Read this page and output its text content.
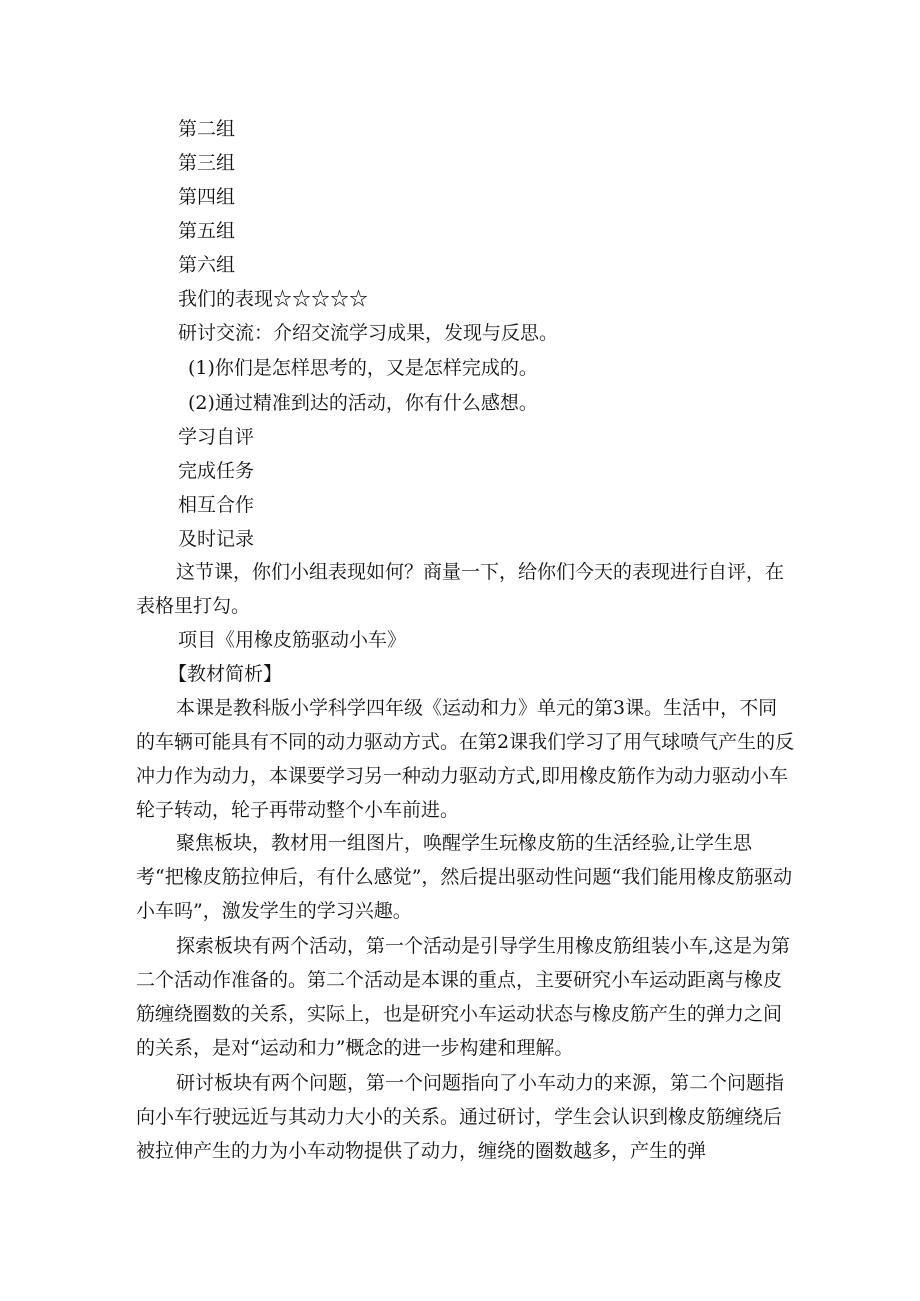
第二组
第三组
第四组
第五组
第六组
我们的表现☆☆☆☆☆
研讨交流：介绍交流学习成果，发现与反思。
(1)你们是怎样思考的，又是怎样完成的。
(2)通过精准到达的活动，你有什么感想。
学习自评
完成任务
相互合作
及时记录
这节课，你们小组表现如何？商量一下，给你们今天的表现进行自评，在表格里打勾。
项目《用橡皮筋驱动小车》
【教材简析】
本课是教科版小学科学四年级《运动和力》单元的第3课。生活中，不同的车辆可能具有不同的动力驱动方式。在第2课我们学习了用气球喷气产生的反冲力作为动力，本课要学习另一种动力驱动方式,即用橡皮筋作为动力驱动小车轮子转动，轮子再带动整个小车前进。
聚焦板块，教材用一组图片，唤醒学生玩橡皮筋的生活经验,让学生思考“把橡皮筋拉伸后，有什么感觉”，然后提出驱动性问题“我们能用橡皮筋驱动小车吗”，激发学生的学习兴趣。
探索板块有两个活动，第一个活动是引导学生用橡皮筋组装小车,这是为第二个活动作准备的。第二个活动是本课的重点，主要研究小车运动距离与橡皮筋缠绕圈数的关系，实际上，也是研究小车运动状态与橡皮筋产生的弹力之间的关系，是对“运动和力”概念的进一步构建和理解。
研讨板块有两个问题，第一个问题指向了小车动力的来源，第二个问题指向小车行驶远近与其动力大小的关系。通过研讨，学生会认识到橡皮筋缠绕后被拉伸产生的力为小车动物提供了动力，缠绕的圈数越多，产生的弹
